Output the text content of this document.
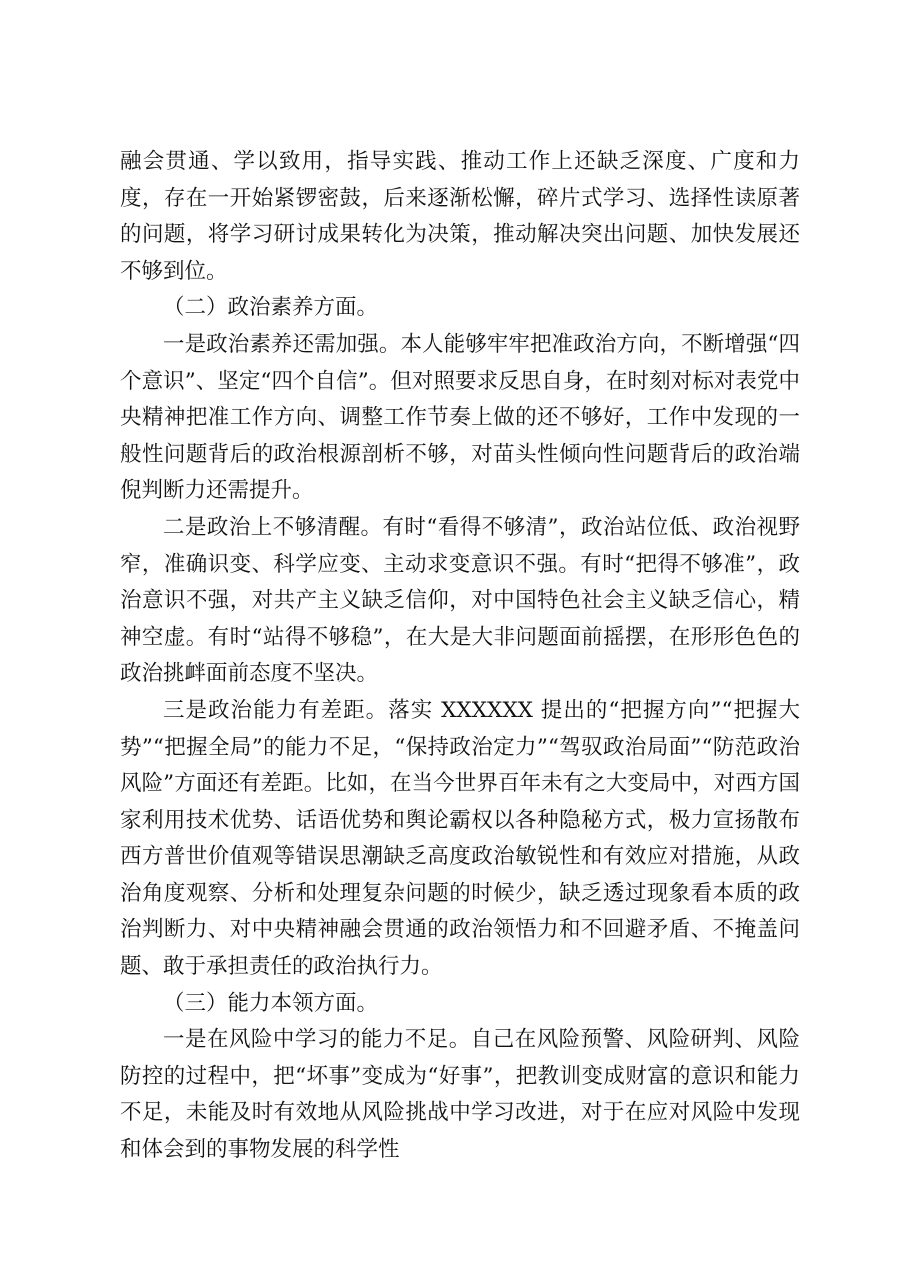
融会贯通、学以致用，指导实践、推动工作上还缺乏深度、广度和力度，存在一开始紧锣密鼓，后来逐渐松懈，碎片式学习、选择性读原著的问题，将学习研讨成果转化为决策，推动解决突出问题、加快发展还不够到位。

（二）政治素养方面。

一是政治素养还需加强。本人能够牢牢把准政治方向，不断增强“四个意识”、坚定“四个自信”。但对照要求反思自身，在时刻对标对表党中央精神把准工作方向、调整工作节奏上做的还不够好，工作中发现的一般性问题背后的政治根源剖析不够，对苗头性倾向性问题背后的政治端倪判断力还需提升。

二是政治上不够清醒。有时“看得不够清”，政治站位低、政治视野窄，准确识变、科学应变、主动求变意识不强。有时“把得不够准”，政治意识不强，对共产主义缺乏信仰，对中国特色社会主义缺乏信心，精神空虚。有时“站得不够稳”，在大是大非问题面前摇摆，在形形色色的政治挑衅面前态度不坚决。

三是政治能力有差距。落实 XXXXXX 提出的“把握方向”“把握大势”“把握全局”的能力不足，“保持政治定力”“驾驭政治局面”“防范政治风险”方面还有差距。比如，在当今世界百年未有之大变局中，对西方国家利用技术优势、话语优势和舆论霸权以各种隐秘方式，极力宣扬散布西方普世价值观等错误思潮缺乏高度政治敏锐性和有效应对措施，从政治角度观察、分析和处理复杂问题的时候少，缺乏透过现象看本质的政治判断力、对中央精神融会贯通的政治领悟力和不回避矛盾、不掩盖问题、敢于承担责任的政治执行力。

（三）能力本领方面。

一是在风险中学习的能力不足。自己在风险预警、风险研判、风险防控的过程中，把“坏事”变成为“好事”，把教训变成财富的意识和能力不足，未能及时有效地从风险挑战中学习改进，对于在应对风险中发现和体会到的事物发展的科学性
